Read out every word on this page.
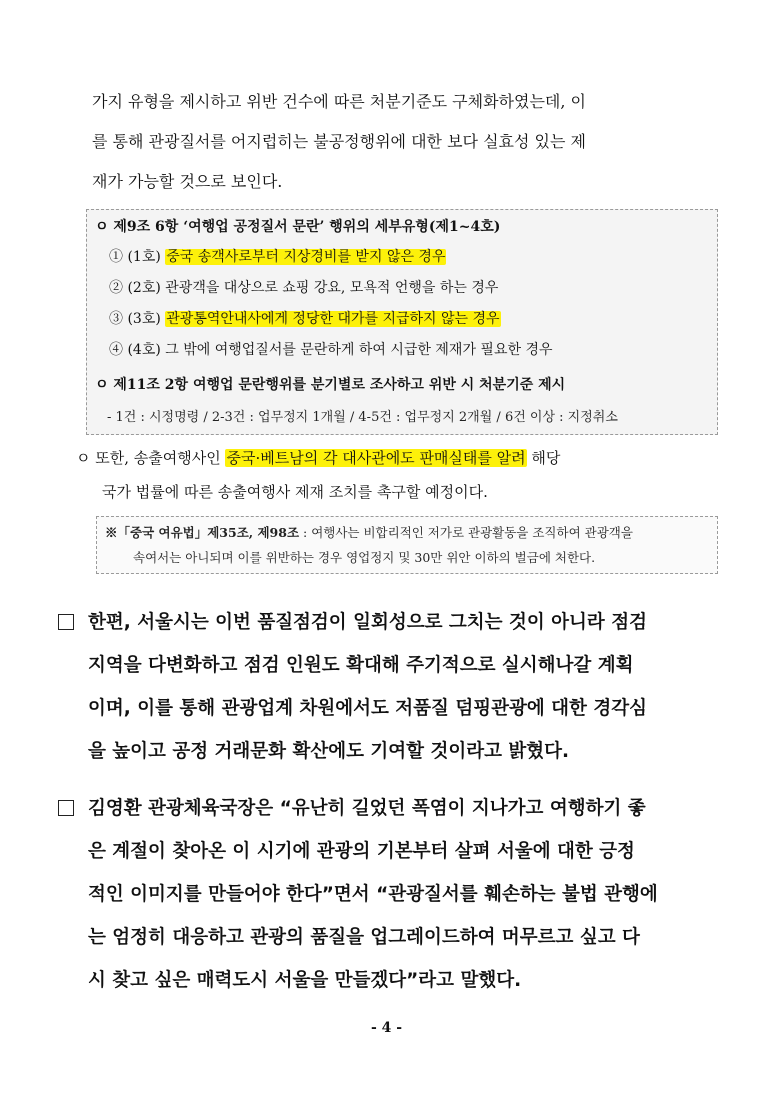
가지 유형을 제시하고 위반 건수에 따른 처분기준도 구체화하였는데, 이
를 통해 관광질서를 어지럽히는 불공정행위에 대한 보다 실효성 있는 제
재가 가능할 것으로 보인다.
ㅇ 제9조 6항 ‘여행업 공정질서 문란’ 행위의 세부유형(제1~4호)
① (1호) 중국 송객사로부터 지상경비를 받지 않은 경우
② (2호) 관광객을 대상으로 쇼핑 강요, 모욕적 언행을 하는 경우
③ (3호) 관광통역안내사에게 정당한 대가를 지급하지 않는 경우
④ (4호) 그 밖에 여행업질서를 문란하게 하여 시급한 제재가 필요한 경우
ㅇ 제11조 2항 여행업 문란행위를 분기별로 조사하고 위반 시 처분기준 제시
- 1건 : 시정명령 / 2-3건 : 업무정지 1개월 / 4-5건 : 업무정지 2개월 / 6건 이상 : 지정취소
ㅇ 또한, 송출여행사인 중국·베트남의 각 대사관에도 판매실태를 알려 해당
국가 법률에 따른 송출여행사 제재 조치를 촉구할 예정이다.
※「중국 여유법」제35조, 제98조 : 여행사는 비합리적인 저가로 관광활동을 조직하여 관광객을
속여서는 아니되며 이를 위반하는 경우 영업정지 및 30만 위안 이하의 벌금에 처한다.
한편, 서울시는 이번 품질점검이 일회성으로 그치는 것이 아니라 점검
지역을 다변화하고 점검 인원도 확대해 주기적으로 실시해나갈 계획
이며, 이를 통해 관광업계 차원에서도 저품질 덤핑관광에 대한 경각심
을 높이고 공정 거래문화 확산에도 기여할 것이라고 밝혔다.
김영환 관광체육국장은 “유난히 길었던 폭염이 지나가고 여행하기 좋
은 계절이 찾아온 이 시기에 관광의 기본부터 살펴 서울에 대한 긍정
적인 이미지를 만들어야 한다”면서 “관광질서를 훼손하는 불법 관행에
는 엄정히 대응하고 관광의 품질을 업그레이드하여 머무르고 싶고 다
시 찾고 싶은 매력도시 서울을 만들겠다”라고 말했다.
- 4 -
